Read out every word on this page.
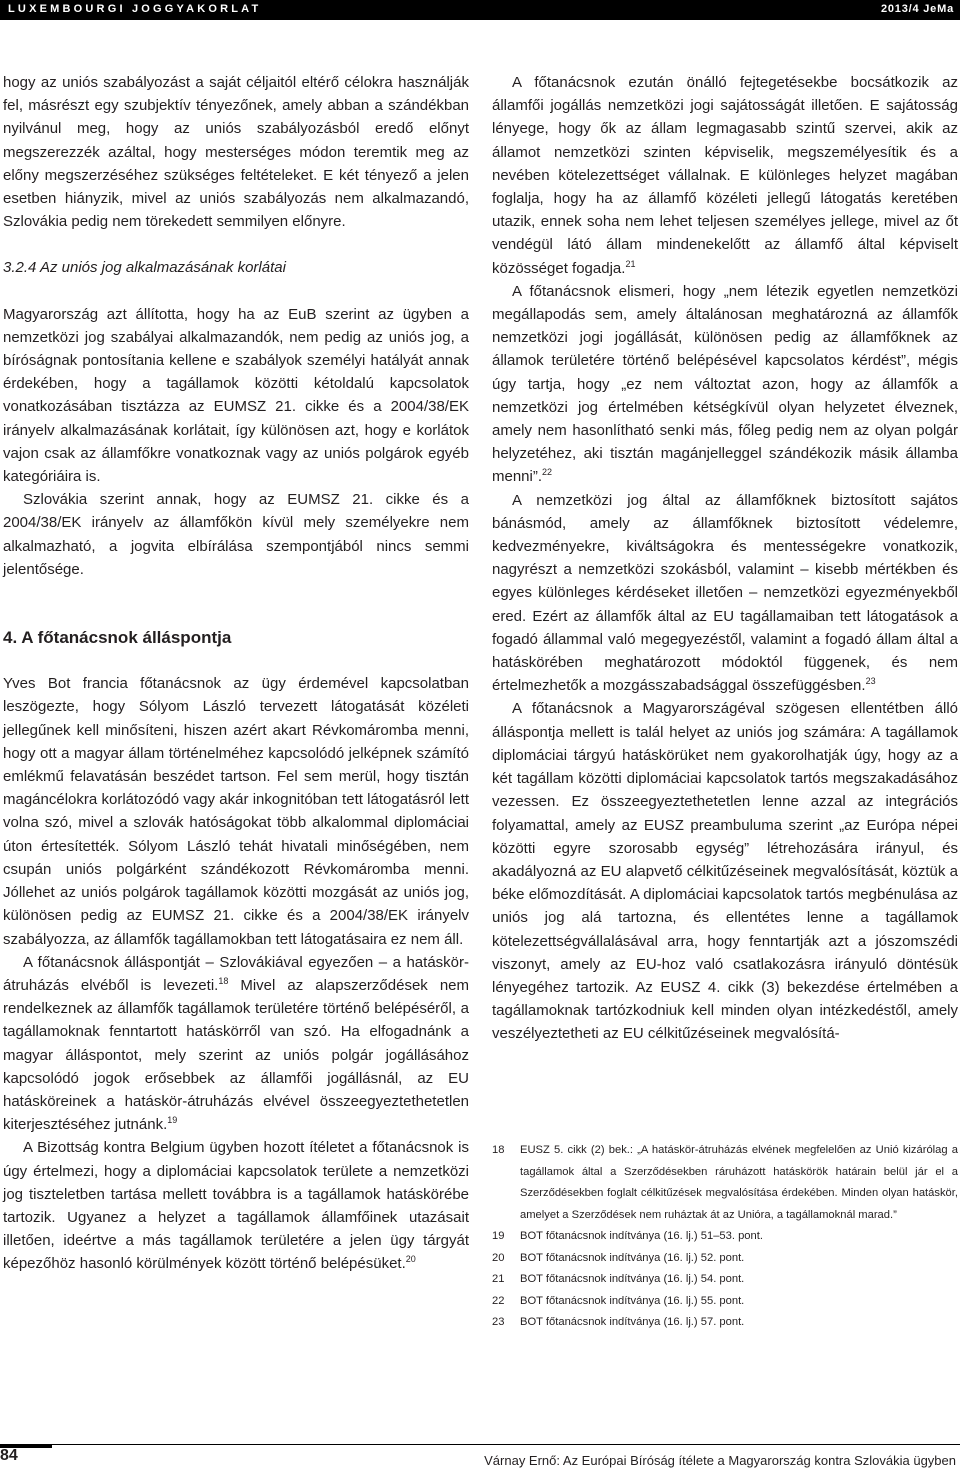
LUXEMBOURGI JOGGYAKORLAT	2013/4 JeMa

hogy az uniós szabályozást a saját céljaitól eltérő célokra használják fel, másrészt egy szubjektív tényezőnek, amely abban a szándékban nyilvánul meg, hogy az uniós szabályozásból eredő előnyt megszerezzék azáltal, hogy mesterséges módon teremtik meg az előny megszerzéséhez szükséges feltételeket. E két tényező a jelen esetben hiányzik, mivel az uniós szabályozás nem alkalmazandó, Szlovákia pedig nem törekedett semmilyen előnyre.

3.2.4 Az uniós jog alkalmazásának korlátai

Magyarország azt állította, hogy ha az EuB szerint az ügyben a nemzetközi jog szabályai alkalmazandók, nem pedig az uniós jog, a bíróságnak pontosítania kellene e szabályok személyi hatályát annak érdekében, hogy a tagállamok közötti kétoldalú kapcsolatok vonatkozásában tisztázza az EUMSZ 21. cikke és a 2004/38/EK irányelv alkalmazásának korlátait, így különösen azt, hogy e korlátok vajon csak az államfőkre vonatkoznak vagy az uniós polgárok egyéb kategóriáira is.

Szlovákia szerint annak, hogy az EUMSZ 21. cikke és a 2004/38/EK irányelv az államfőkön kívül mely személyekre nem alkalmazható, a jogvita elbírálása szempontjából nincs semmi jelentősége.

4. A főtanácsnok álláspontja

Yves Bot francia főtanácsnok az ügy érdemével kapcsolatban leszögezte, hogy Sólyom László tervezett látogatását közéleti jellegűnek kell minősíteni, hiszen azért akart Révkomáromba menni, hogy ott a magyar állam történelméhez kapcsolódó jelképnek számító emlékmű felavatásán beszédet tartson. Fel sem merül, hogy tisztán magáncélokra korlátozódó vagy akár inkognitóban tett látogatásról lett volna szó, mivel a szlovák hatóságokat több alkalommal diplomáciai úton értesítették. Sólyom László tehát hivatali minőségében, nem csupán uniós polgárként szándékozott Révkomáromba menni. Jóllehet az uniós polgárok tagállamok közötti mozgását az uniós jog, különösen pedig az EUMSZ 21. cikke és a 2004/38/EK irányelv szabályozza, az államfők tagállamokban tett látogatásaira ez nem áll.

A főtanácsnok álláspontját – Szlovákiával egyezően – a hatáskör-átruházás elvéből is levezeti.$^{18}$ Mivel az alapszerződések nem rendelkeznek az államfők tagállamok területére történő belépéséről, a tagállamoknak fenntartott hatáskörről van szó. Ha elfogadnánk a magyar álláspontot, mely szerint az uniós polgár jogállásához kapcsolódó jogok erősebbek az államfői jogállásnál, az EU hatásköreinek a hatáskör-átruházás elvével összeegyeztethetetlen kiterjesztéséhez jutnánk.$^{19}$

A Bizottság kontra Belgium ügyben hozott ítéletet a főtanácsnok is úgy értelmezi, hogy a diplomáciai kapcsolatok területe a nemzetközi jog tiszteletben tartása mellett továbbra is a tagállamok hatáskörébe tartozik. Ugyanez a helyzet a tagállamok államfőinek utazásait illetően, ideértve a más tagállamok területére a jelen ügy tárgyát képezőhöz hasonló körülmények között történő belépésüket.$^{20}$

A főtanácsnok ezután önálló fejtegetésekbe bocsátkozik az államfői jogállás nemzetközi jogi sajátosságát illetően. E sajátosság lényege, hogy ők az állam legmagasabb szintű szervei, akik az államot nemzetközi szinten képviselik, megszemélyesítik és a nevében kötelezettséget vállalnak. E különleges helyzet magában foglalja, hogy ha az államfő közéleti jellegű látogatás keretében utazik, ennek soha nem lehet teljesen személyes jellege, mivel az őt vendégül látó állam mindenekelőtt az államfő által képviselt közösséget fogadja.$^{21}$

A főtanácsnok elismeri, hogy „nem létezik egyetlen nemzetközi megállapodás sem, amely általánosan meghatározná az államfők nemzetközi jogi jogállását, különösen pedig az államfőknek az államok területére történő belépésével kapcsolatos kérdést”, mégis úgy tartja, hogy „ez nem változtat azon, hogy az államfők a nemzetközi jog értelmében kétségkívül olyan helyzetet élveznek, amely nem hasonlítható senki más, főleg pedig nem az olyan polgár helyzetéhez, aki tisztán magánjelleggel szándékozik másik államba menni”.$^{22}$

A nemzetközi jog által az államfőknek biztosított sajátos bánásmód, amely az államfőknek biztosított védelemre, kedvezményekre, kiváltságokra és mentességekre vonatkozik, nagyrészt a nemzetközi szokásból, valamint – kisebb mértékben és egyes különleges kérdéseket illetően – nemzetközi egyezményekből ered. Ezért az államfők által az EU tagállamaiban tett látogatások a fogadó állammal való megegyezéstől, valamint a fogadó állam által a hatáskörében meghatározott módoktól függenek, és nem értelmezhetők a mozgásszabadsággal összefüggésben.$^{23}$

A főtanácsnok a Magyarországéval szögesen ellentétben álló álláspontja mellett is talál helyet az uniós jog számára: A tagállamok diplomáciai tárgyú hatáskörüket nem gyakorolhatják úgy, hogy az a két tagállam közötti diplomáciai kapcsolatok tartós megszakadásához vezessen. Ez összeegyeztethetetlen lenne azzal az integrációs folyamattal, amely az EUSZ preambuluma szerint „az Európa népei közötti egyre szorosabb egység” létrehozására irányul, és akadályozná az EU alapvető célkitűzéseinek megvalósítását, köztük a béke előmozdítását. A diplomáciai kapcsolatok tartós megbénulása az uniós jog alá tartozna, és ellentétes lenne a tagállamok kötelezettségvállalásával arra, hogy fenntartják azt a jószomszédi viszonyt, amely az EU-hoz való csatlakozásra irányuló döntésük lényegéhez tartozik. Az EUSZ 4. cikk (3) bekezdése értelmében a tagállamoknak tartózkodniuk kell minden olyan intézkedéstől, amely veszélyeztetheti az EU célkitűzéseinek megvalósítá-

18 EUSZ 5. cikk (2) bek.: „A hatáskör-átruházás elvének megfelelően az Unió kizárólag a tagállamok által a Szerződésekben ráruházott hatáskörök határain belül jár el a Szerződésekben foglalt célkitűzések megvalósítása érdekében. Minden olyan hatáskör, amelyet a Szerződések nem ruháztak át az Unióra, a tagállamoknál marad.”
19 BOT főtanácsnok indítványa (16. lj.) 51–53. pont.
20 BOT főtanácsnok indítványa (16. lj.) 52. pont.
21 BOT főtanácsnok indítványa (16. lj.) 54. pont.
22 BOT főtanácsnok indítványa (16. lj.) 55. pont.
23 BOT főtanácsnok indítványa (16. lj.) 57. pont.
84	Várnay Ernő: Az Európai Bíróság ítélete a Magyarország kontra Szlovákia ügyben
